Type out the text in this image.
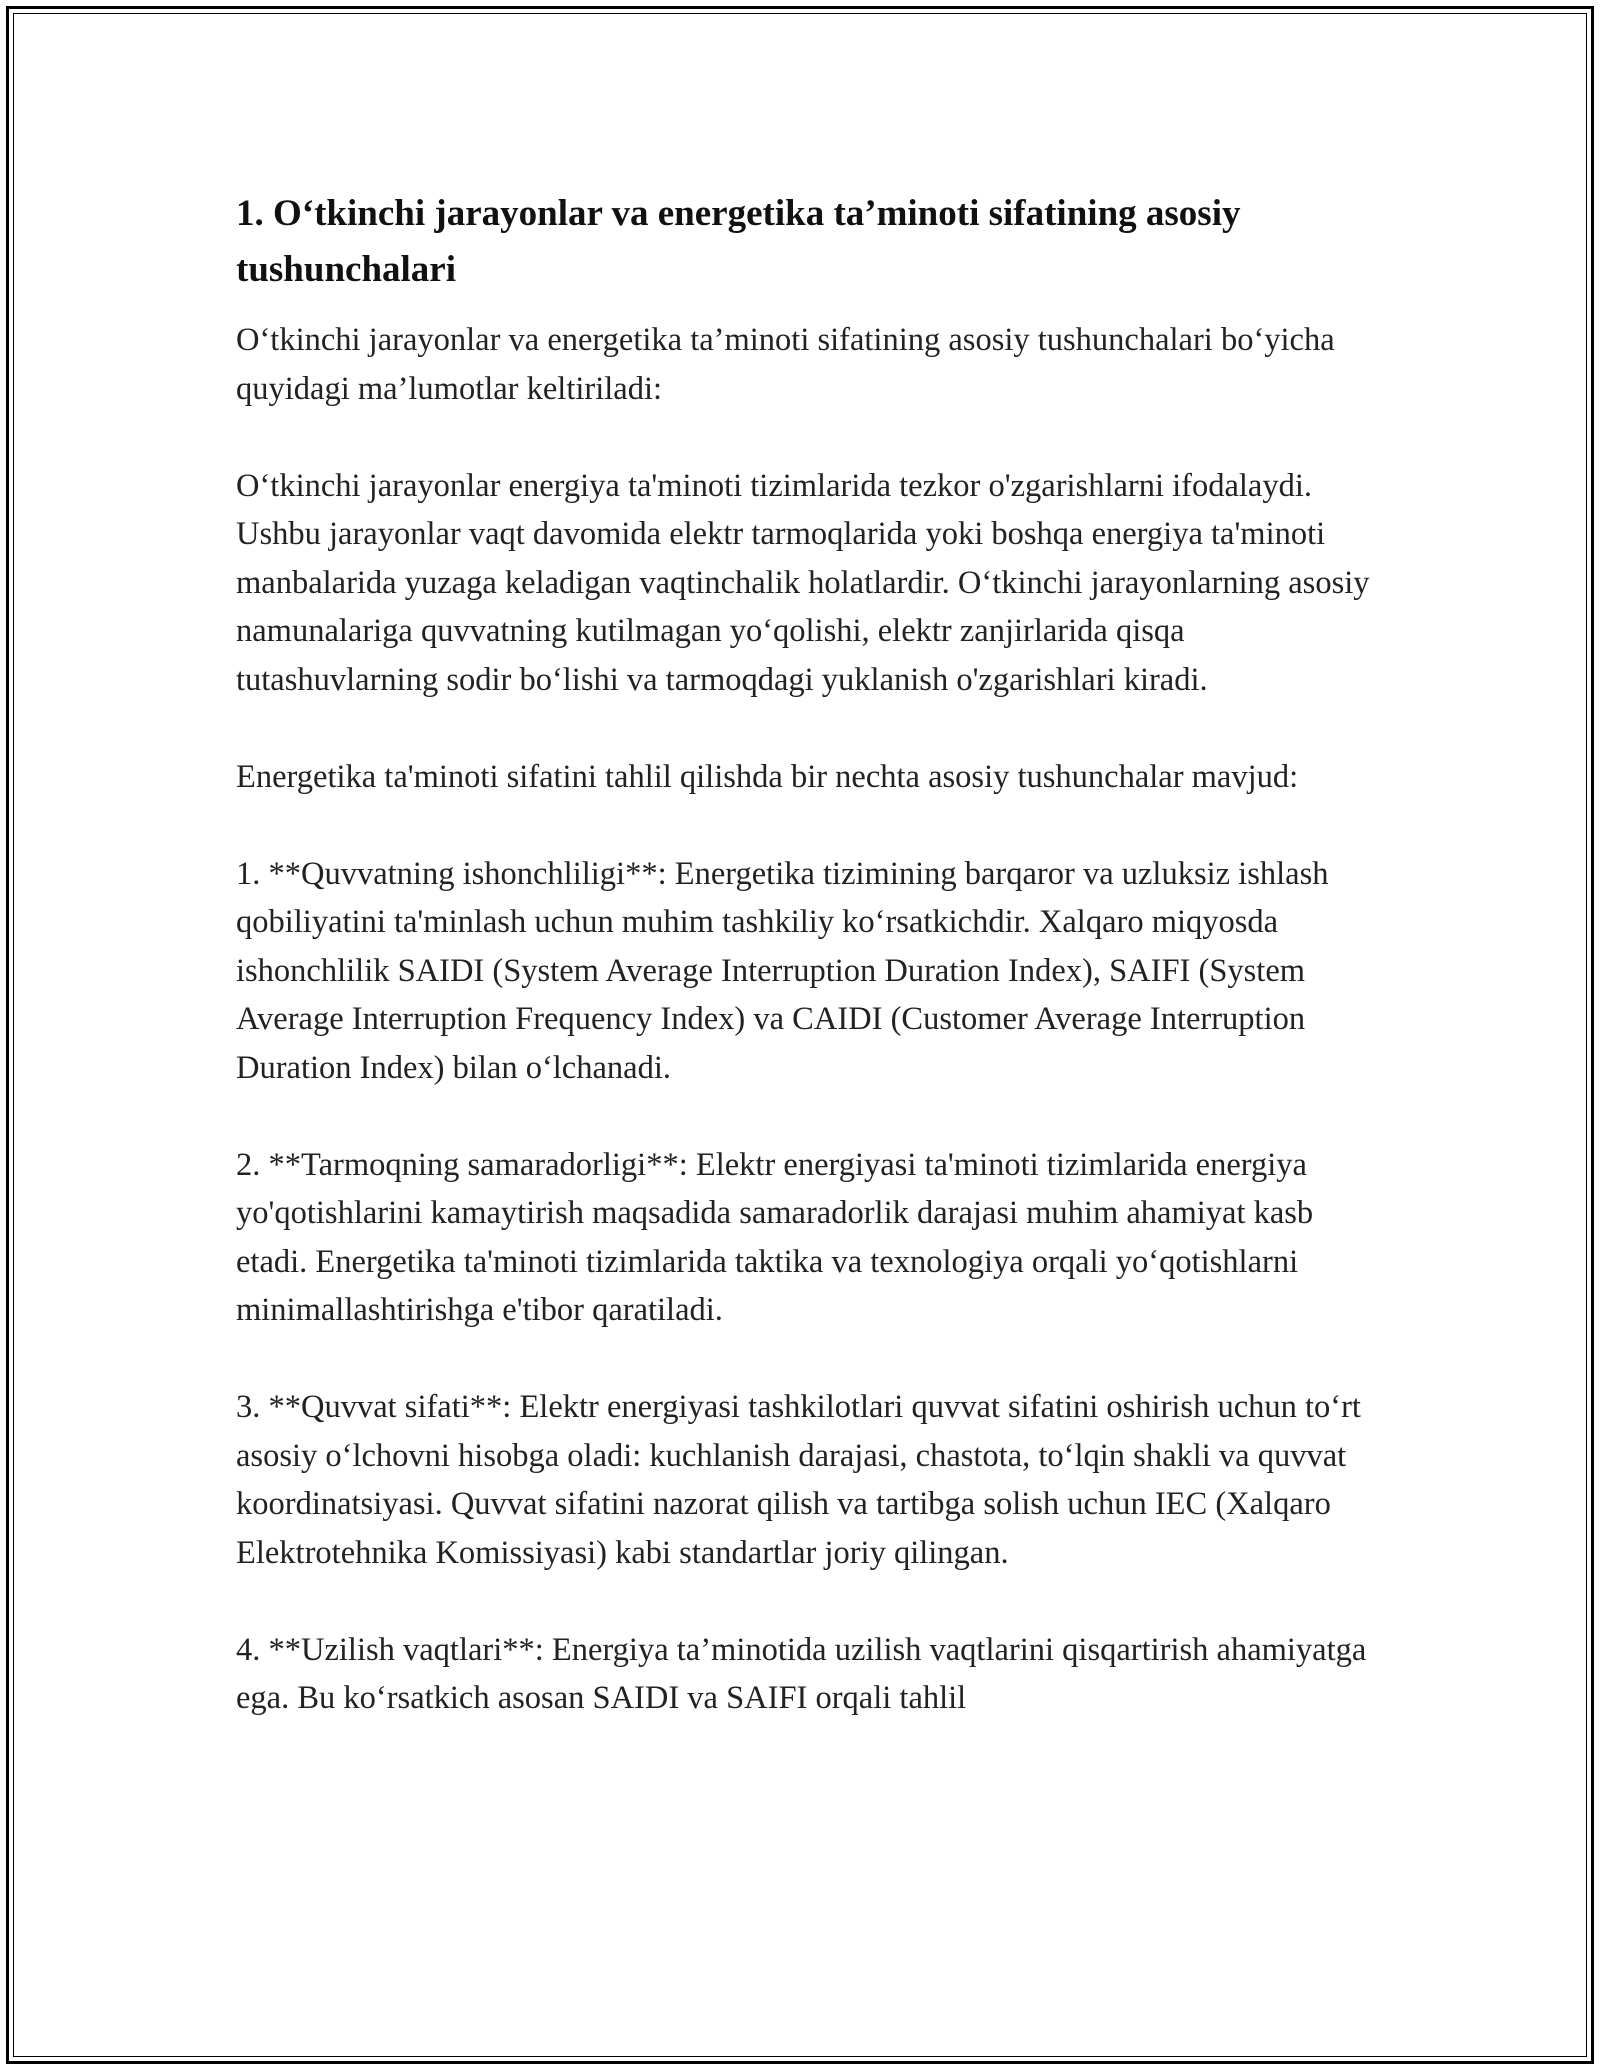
1. O‘tkinchi jarayonlar va energetika ta’minoti sifatining asosiy tushunchalari

O‘tkinchi jarayonlar va energetika ta’minoti sifatining asosiy tushunchalari bo‘yicha quyidagi ma’lumotlar keltiriladi:

O‘tkinchi jarayonlar energiya ta'minoti tizimlarida tezkor o'zgarishlarni ifodalaydi. Ushbu jarayonlar vaqt davomida elektr tarmoqlarida yoki boshqa energiya ta'minoti manbalarida yuzaga keladigan vaqtinchalik holatlardir. O‘tkinchi jarayonlarning asosiy namunalariga quvvatning kutilmagan yo‘qolishi, elektr zanjirlarida qisqa tutashuvlarning sodir bo‘lishi va tarmoqdagi yuklanish o'zgarishlari kiradi.

Energetika ta'minoti sifatini tahlil qilishda bir nechta asosiy tushunchalar mavjud:

1. **Quvvatning ishonchliligi**: Energetika tizimining barqaror va uzluksiz ishlash qobiliyatini ta'minlash uchun muhim tashkiliy ko‘rsatkichdir. Xalqaro miqyosda ishonchlilik SAIDI (System Average Interruption Duration Index), SAIFI (System Average Interruption Frequency Index) va CAIDI (Customer Average Interruption Duration Index) bilan o‘lchanadi.

2. **Tarmoqning samaradorligi**: Elektr energiyasi ta'minoti tizimlarida energiya yo'qotishlarini kamaytirish maqsadida samaradorlik darajasi muhim ahamiyat kasb etadi. Energetika ta'minoti tizimlarida taktika va texnologiya orqali yo‘qotishlarni minimallashtirishga e'tibor qaratiladi.

3. **Quvvat sifati**: Elektr energiyasi tashkilotlari quvvat sifatini oshirish uchun to‘rt asosiy o‘lchovni hisobga oladi: kuchlanish darajasi, chastota, to‘lqin shakli va quvvat koordinatsiyasi. Quvvat sifatini nazorat qilish va tartibga solish uchun IEC (Xalqaro Elektrotehnika Komissiyasi) kabi standartlar joriy qilingan.

4. **Uzilish vaqtlari**: Energiya ta’minotida uzilish vaqtlarini qisqartirish ahamiyatga ega. Bu ko‘rsatkich asosan SAIDI va SAIFI orqali tahlil
